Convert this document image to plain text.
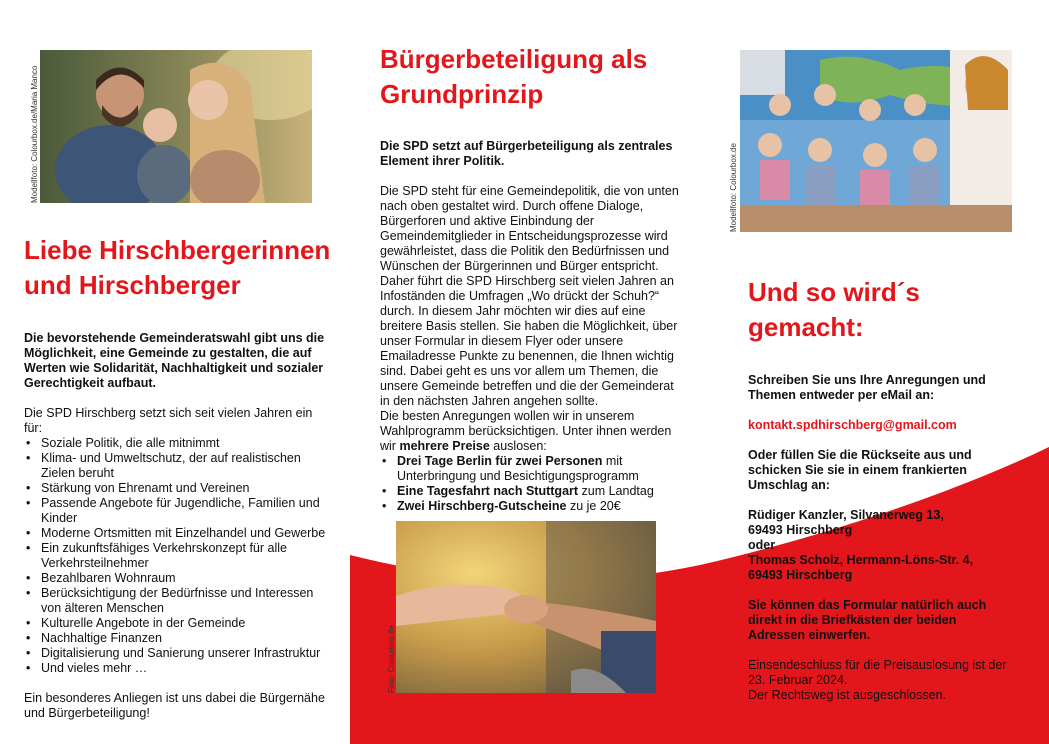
Modellfoto: Colourbox.de/Maria Manco
Liebe Hirschbergerinnen und Hirschberger

Die bevorstehende Gemeinderatswahl gibt uns die Möglichkeit, eine Gemeinde zu gestalten, die auf Werten wie Solidarität, Nachhaltigkeit und sozialer Gerechtigkeit aufbaut.

Die SPD Hirschberg setzt sich seit vielen Jahren ein für:

• Soziale Politik, die alle mitnimmt
• Klima- und Umweltschutz, der auf realistischen Zielen beruht
• Stärkung von Ehrenamt und Vereinen
• Passende Angebote für Jugendliche, Familien und Kinder
• Moderne Ortsmitten mit Einzelhandel und Gewerbe
• Ein zukunftsfähiges Verkehrskonzept für alle Verkehrsteilnehmer
• Bezahlbaren Wohnraum
• Berücksichtigung der Bedürfnisse und Interessen von älteren Menschen
• Kulturelle Angebote in der Gemeinde
• Nachhaltige Finanzen
• Digitalisierung und Sanierung unserer Infrastruktur
• Und vieles mehr …

Ein besonderes Anliegen ist uns dabei die Bürgernähe und Bürgerbeteiligung!

Bürgerbeteiligung als Grundprinzip

Die SPD setzt auf Bürgerbeteiligung als zentrales Element ihrer Politik.

Die SPD steht für eine Gemeindepolitik, die von unten nach oben gestaltet wird. Durch offene Dialoge, Bürgerforen und aktive Einbindung der Gemeindemitglieder in Entscheidungsprozesse wird gewährleistet, dass die Politik den Bedürfnissen und Wünschen der Bürgerinnen und Bürger entspricht. Daher führt die SPD Hirschberg seit vielen Jahren an Infoständen die Umfragen „Wo drückt der Schuh?“ durch. In diesem Jahr möchten wir dies auf eine breitere Basis stellen. Sie haben die Möglichkeit, über unser Formular in diesem Flyer oder unsere Emailadresse Punkte zu benennen, die Ihnen wichtig sind. Dabei geht es uns vor allem um Themen, die unsere Gemeinde betreffen und die der Gemeinderat in den nächsten Jahren angehen sollte.

Die besten Anregungen wollen wir in unserem Wahlprogramm berücksichtigen. Unter ihnen werden wir mehrere Preise auslosen:

• Drei Tage Berlin für zwei Personen mit Unterbringung und Besichtigungsprogramm
• Eine Tagesfahrt nach Stuttgart zum Landtag
• Zwei Hirschberg-Gutscheine zu je 20€
Foto: Colourbox.de
Modellfoto: Colourbox.de
Und so wird´s gemacht:

Schreiben Sie uns Ihre Anregungen und Themen entweder per eMail an:

kontakt.spdhirschberg@gmail.com

Oder füllen Sie die Rückseite aus und schicken Sie sie in einem frankierten Umschlag an:

Rüdiger Kanzler, Silvanerweg 13,

69493 Hirschberg

oder

Thomas Scholz, Hermann-Löns-Str. 4,

69493 Hirschberg

Sie können das Formular natürlich auch direkt in die Briefkästen der beiden Adressen einwerfen.

Einsendeschluss für die Preisauslosung ist der 23. Februar 2024.

Der Rechtsweg ist ausgeschlossen.
